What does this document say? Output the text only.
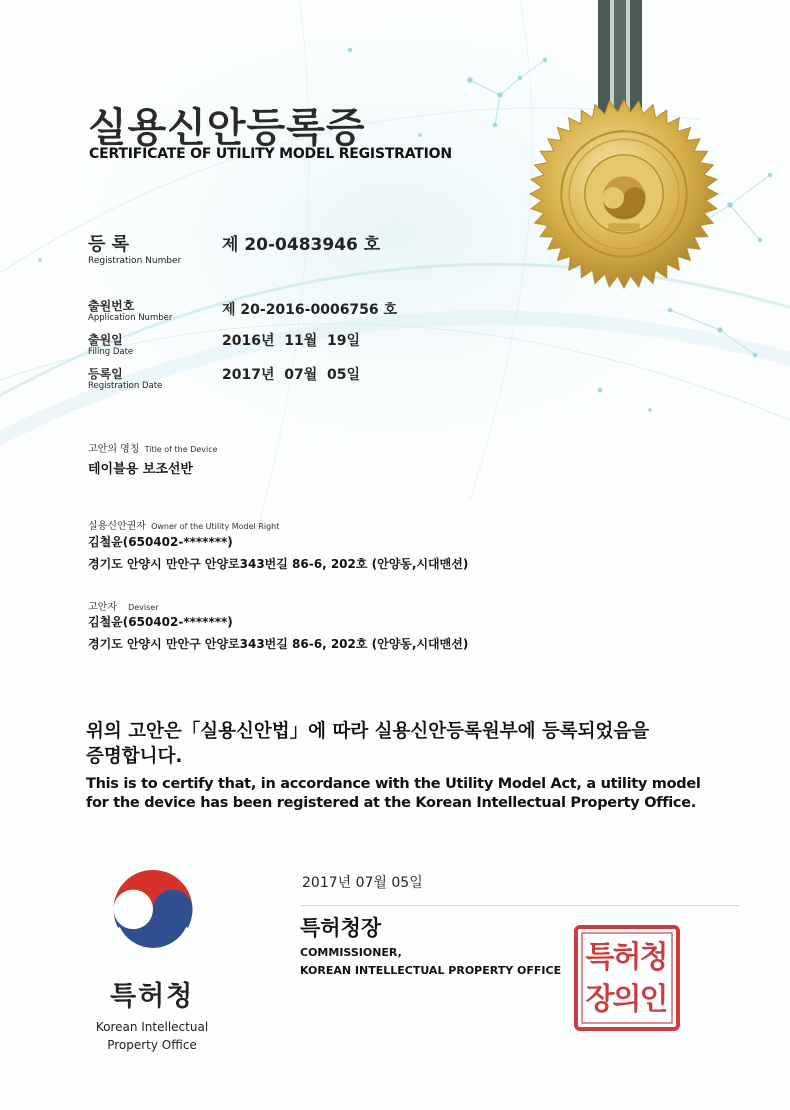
실용신안등록증
CERTIFICATE OF UTILITY MODEL REGISTRATION
등 록
Registration Number
제 20-0483946 호
출원번호
Application Number	제 20-2016-0006756 호
출원일
Filing Date
2016년  11월  19일
등록일
Registration Date
2017년  07월  05일
고안의 명칭 Title of the Device
테이블용 보조선반
실용신안권자 Owner of the Utility Model Right
김철윤(650402-*******)
경기도 안양시 만안구 안양로343번길 86-6, 202호 (안양동,시대맨션)
고안자 Deviser
김철윤(650402-*******)
경기도 안양시 만안구 안양로343번길 86-6, 202호 (안양동,시대맨션)
위의 고안은「실용신안법」에 따라 실용신안등록원부에 등록되었음을
증명합니다.
This is to certify that, in accordance with the Utility Model Act, a utility model
for the device has been registered at the Korean Intellectual Property Office.
2017년 07월 05일
특허청장
COMMISSIONER,
KOREAN INTELLECTUAL PROPERTY OFFICE
특허청
Korean Intellectual
Property Office
특
허
청
장
의
인
